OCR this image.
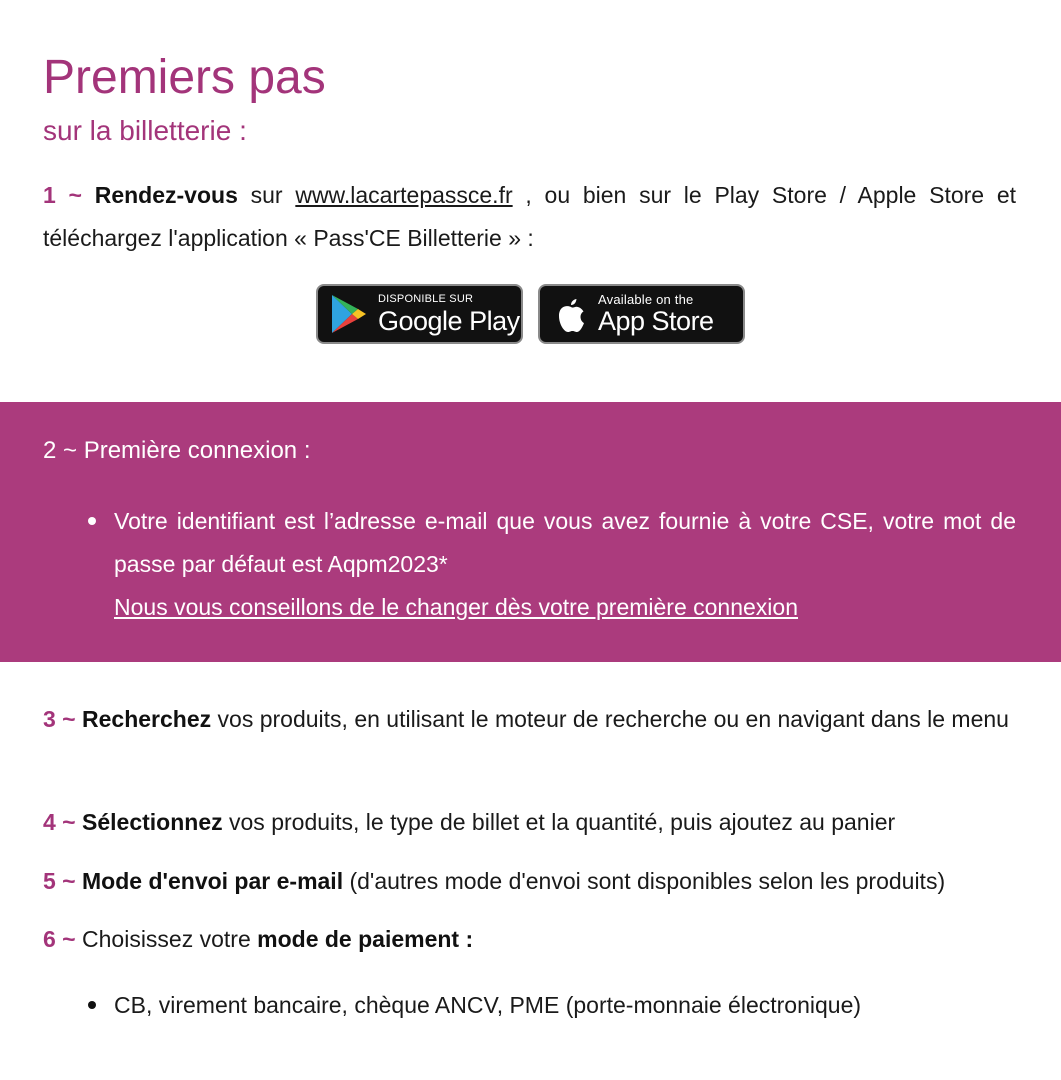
Premiers pas
sur la billetterie :
1 ~ Rendez-vous sur www.lacartepassce.fr , ou bien sur le Play Store / Apple Store et téléchargez l'application « Pass'CE Billetterie » :
DISPONIBLE SUR
Google Play
Available on the
App Store
2 ~ Première connexion :
Votre identifiant est l’adresse e-mail que vous avez fournie à votre CSE, votre mot de passe par défaut est Aqpm2023*
Nous vous conseillons de le changer dès votre première connexion
3 ~ Recherchez vos produits, en utilisant le moteur de recherche ou en navigant dans le menu
4 ~ Sélectionnez vos produits, le type de billet et la quantité, puis ajoutez au panier
5 ~ Mode d'envoi par e-mail (d'autres mode d'envoi sont disponibles selon les produits)
6 ~ Choisissez votre mode de paiement :
CB, virement bancaire, chèque ANCV, PME (porte-monnaie électronique)
